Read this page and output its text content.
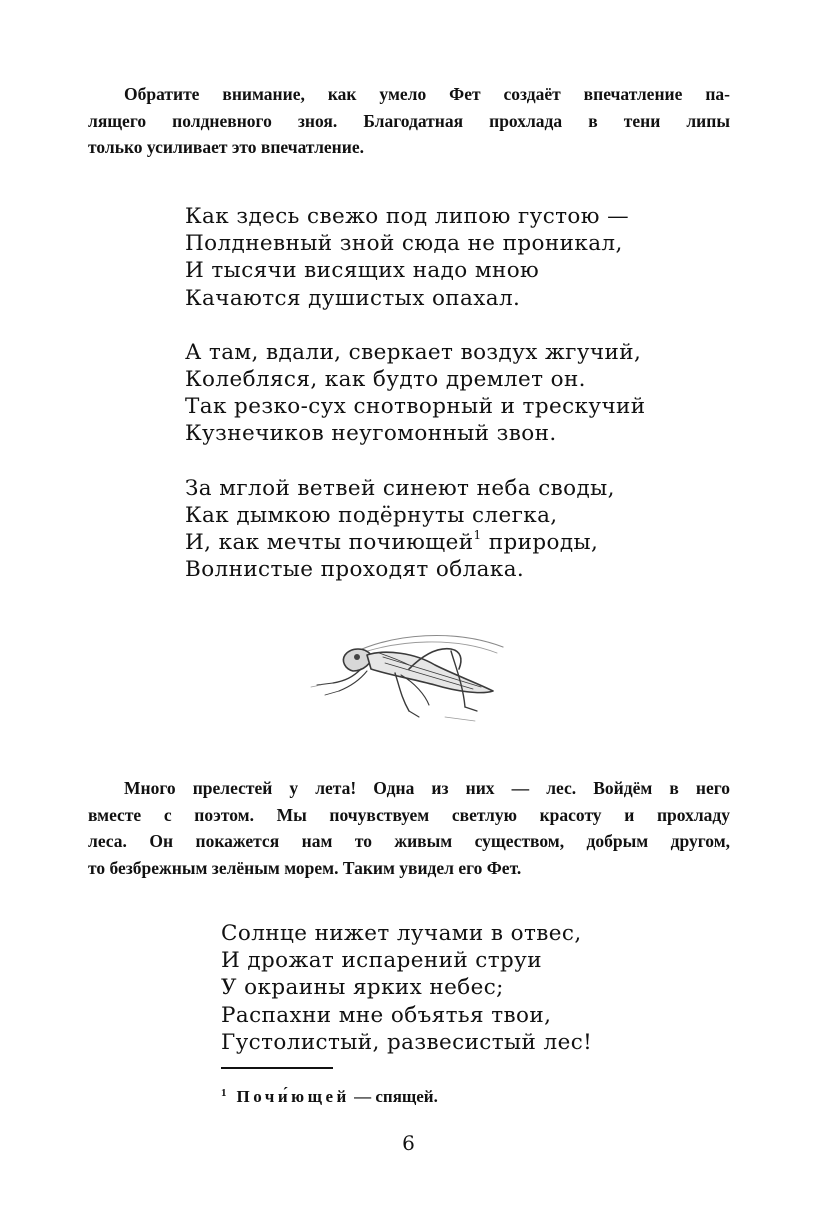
Обратите внимание, как умело Фет создаёт впечатление па-
лящего полдневного зноя. Благодатная прохлада в тени липы
только усиливает это впечатление.

Как здесь свежо под липою густою —
Полдневный зной сюда не проникал,
И тысячи висящих надо мною
Качаются душистых опахал.

А там, вдали, сверкает воздух жгучий,
Колебляся, как будто дремлет он.
Так резко-сух снотворный и трескучий
Кузнечиков неугомонный звон.

За мглой ветвей синеют неба своды,
Как дымкою подёрнуты слегка,
И, как мечты почиющей$^1$ природы,
Волнистые проходят облака.

Много прелестей у лета! Одна из них — лес. Войдём в него
вместе с поэтом. Мы почувствуем светлую красоту и прохладу
леса. Он покажется нам то живым существом, добрым другом,
то безбрежным зелёным морем. Таким увидел его Фет.

Солнце нижет лучами в отвес,
И дрожат испарений струи
У окраины ярких небес;
Распахни мне объятья твои,
Густолистый, развесистый лес!
$^1$ Почи́ющей — спящей.
6
